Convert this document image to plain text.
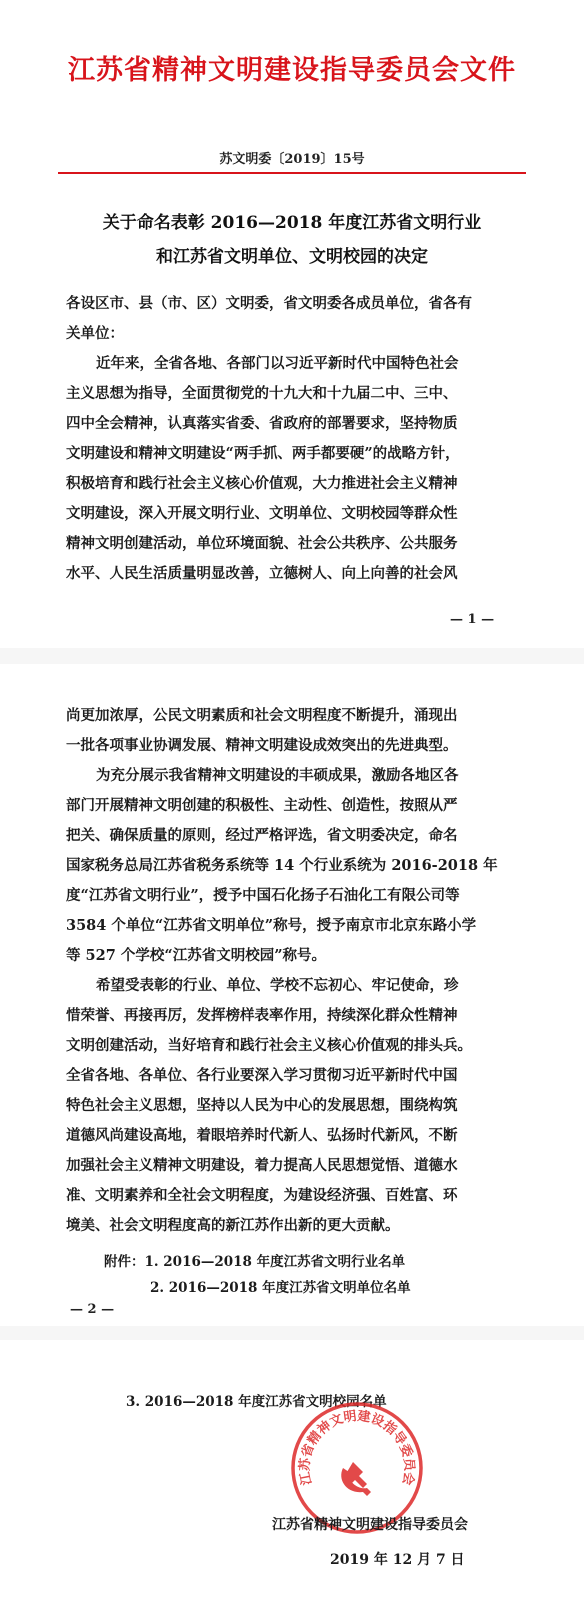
江苏省精神文明建设指导委员会文件
苏文明委〔2019〕15号
关于命名表彰 2016—2018 年度江苏省文明行业
和江苏省文明单位、文明校园的决定
各设区市、县（市、区）文明委，省文明委各成员单位，省各有
关单位：
近年来，全省各地、各部门以习近平新时代中国特色社会
主义思想为指导，全面贯彻党的十九大和十九届二中、三中、
四中全会精神，认真落实省委、省政府的部署要求，坚持物质
文明建设和精神文明建设“两手抓、两手都要硬”的战略方针，
积极培育和践行社会主义核心价值观，大力推进社会主义精神
文明建设，深入开展文明行业、文明单位、文明校园等群众性
精神文明创建活动，单位环境面貌、社会公共秩序、公共服务
水平、人民生活质量明显改善，立德树人、向上向善的社会风
— 1 —
尚更加浓厚，公民文明素质和社会文明程度不断提升，涌现出
一批各项事业协调发展、精神文明建设成效突出的先进典型。
为充分展示我省精神文明建设的丰硕成果，激励各地区各
部门开展精神文明创建的积极性、主动性、创造性，按照从严
把关、确保质量的原则，经过严格评选，省文明委决定，命名
国家税务总局江苏省税务系统等 14 个行业系统为 2016-2018 年
度“江苏省文明行业”，授予中国石化扬子石油化工有限公司等
3584 个单位“江苏省文明单位”称号，授予南京市北京东路小学
等 527 个学校“江苏省文明校园”称号。
希望受表彰的行业、单位、学校不忘初心、牢记使命，珍
惜荣誉、再接再厉，发挥榜样表率作用，持续深化群众性精神
文明创建活动，当好培育和践行社会主义核心价值观的排头兵。
全省各地、各单位、各行业要深入学习贯彻习近平新时代中国
特色社会主义思想，坚持以人民为中心的发展思想，围绕构筑
道德风尚建设高地，着眼培养时代新人、弘扬时代新风，不断
加强社会主义精神文明建设，着力提高人民思想觉悟、道德水
准、文明素养和全社会文明程度，为建设经济强、百姓富、环
境美、社会文明程度高的新江苏作出新的更大贡献。
附件：1. 2016—2018 年度江苏省文明行业名单
2. 2016—2018 年度江苏省文明单位名单
— 2 —
3. 2016—2018 年度江苏省文明校园名单
江苏省精神文明建设指导委员会
江苏省精神文明建设指导委员会
2019 年 12 月 7 日
